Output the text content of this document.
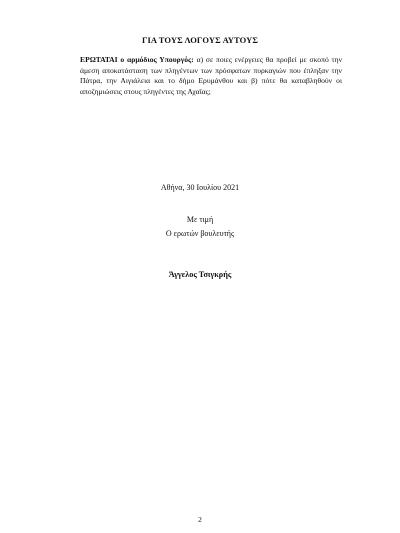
ΓΙΑ ΤΟΥΣ ΛΟΓΟΥΣ ΑΥΤΟΥΣ
ΕΡΩΤΑΤΑΙ ο αρμόδιος Υπουργός: α) σε ποιες ενέργειες θα προβεί με σκοπό την άμεση αποκατάσταση των πληγέντων των πρόσφατων πυρκαγιών που έπληξαν την Πάτρα, την Αιγιάλεια και το δήμο Ερυμάνθου και β) πότε θα καταβληθούν οι αποζημιώσεις στους πληγέντες της Αχαΐας;
Αθήνα, 30 Ιουλίου 2021
Με τιμή
Ο ερωτών βουλευτής
Άγγελος Τσιγκρής
2
